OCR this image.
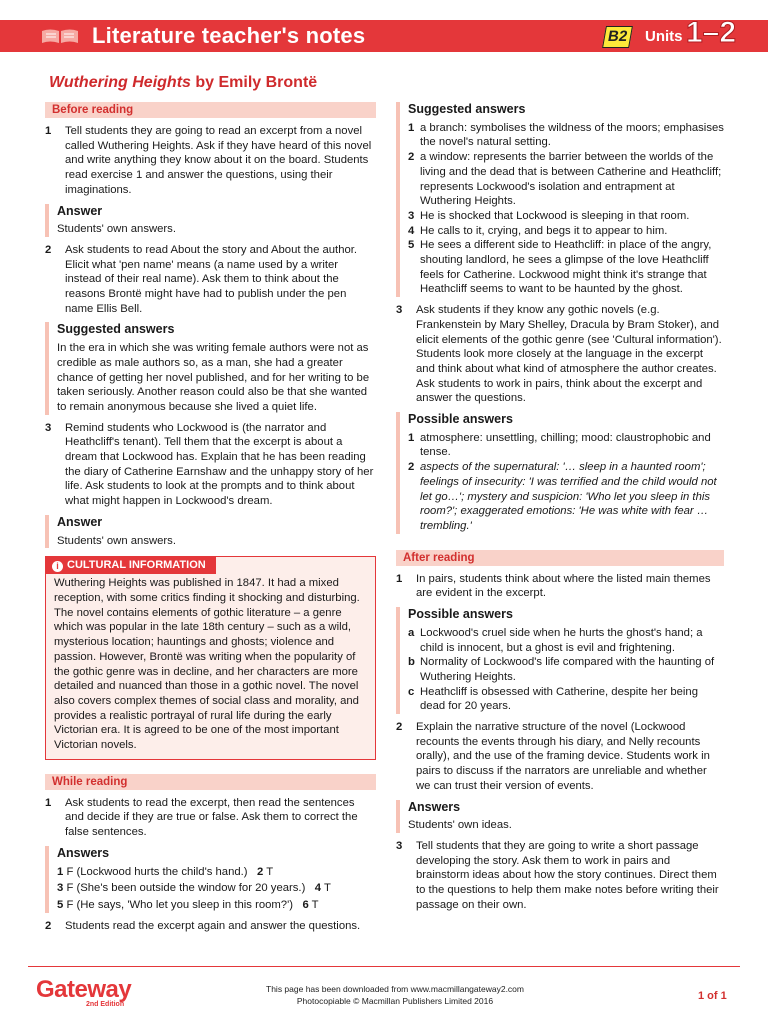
Literature teacher's notes	B2 Units 1–2
Wuthering Heights by Emily Brontë
Before reading
1 Tell students they are going to read an excerpt from a novel called Wuthering Heights. Ask if they have heard of this novel and write anything they know about it on the board. Students read exercise 1 and answer the questions, using their imaginations.
Answer
Students' own answers.
2 Ask students to read About the story and About the author. Elicit what 'pen name' means (a name used by a writer instead of their real name). Ask them to think about the reasons Brontë might have had to publish under the pen name Ellis Bell.
Suggested answers
In the era in which she was writing female authors were not as credible as male authors so, as a man, she had a greater chance of getting her novel published, and for her writing to be taken seriously. Another reason could also be that she wanted to remain anonymous because she lived a quiet life.
3 Remind students who Lockwood is (the narrator and Heathcliff's tenant). Tell them that the excerpt is about a dream that Lockwood has. Explain that he has been reading the diary of Catherine Earnshaw and the unhappy story of her life. Ask students to look at the prompts and to think about what might happen in Lockwood's dream.
Answer
Students' own answers.
i CULTURAL INFORMATION
Wuthering Heights was published in 1847. It had a mixed reception, with some critics finding it shocking and disturbing. The novel contains elements of gothic literature – a genre which was popular in the late 18th century – such as a wild, mysterious location; hauntings and ghosts; violence and passion. However, Brontë was writing when the popularity of the gothic genre was in decline, and her characters are more detailed and nuanced than those in a gothic novel. The novel also covers complex themes of social class and morality, and provides a realistic portrayal of rural life during the early Victorian era. It is agreed to be one of the most important Victorian novels.
While reading
1 Ask students to read the excerpt, then read the sentences and decide if they are true or false. Ask them to correct the false sentences.
Answers
1 F (Lockwood hurts the child's hand.) 2 T
3 F (She's been outside the window for 20 years.) 4 T
5 F (He says, 'Who let you sleep in this room?') 6 T
2 Students read the excerpt again and answer the questions.
Suggested answers
1 a branch: symbolises the wildness of the moors; emphasises the novel's natural setting.
2 a window: represents the barrier between the worlds of the living and the dead that is between Catherine and Heathcliff; represents Lockwood's isolation and entrapment at Wuthering Heights.
3 He is shocked that Lockwood is sleeping in that room.
4 He calls to it, crying, and begs it to appear to him.
5 He sees a different side to Heathcliff: in place of the angry, shouting landlord, he sees a glimpse of the love Heathcliff feels for Catherine. Lockwood might think it's strange that Heathcliff seems to want to be haunted by the ghost.
3 Ask students if they know any gothic novels (e.g. Frankenstein by Mary Shelley, Dracula by Bram Stoker), and elicit elements of the gothic genre (see 'Cultural information'). Students look more closely at the language in the excerpt and think about what kind of atmosphere the author creates. Ask students to work in pairs, think about the excerpt and answer the questions.
Possible answers
1 atmosphere: unsettling, chilling; mood: claustrophobic and tense.
2 aspects of the supernatural: '… sleep in a haunted room'; feelings of insecurity: 'I was terrified and the child would not let go…'; mystery and suspicion: 'Who let you sleep in this room?'; exaggerated emotions: 'He was white with fear … trembling.'
After reading
1 In pairs, students think about where the listed main themes are evident in the excerpt.
Possible answers
a Lockwood's cruel side when he hurts the ghost's hand; a child is innocent, but a ghost is evil and frightening.
b Normality of Lockwood's life compared with the haunting of Wuthering Heights.
c Heathcliff is obsessed with Catherine, despite her being dead for 20 years.
2 Explain the narrative structure of the novel (Lockwood recounts the events through his diary, and Nelly recounts orally), and the use of the framing device. Students work in pairs to discuss if the narrators are unreliable and whether we can trust their version of events.
Answers
Students' own ideas.
3 Tell students that they are going to write a short passage developing the story. Ask them to work in pairs and brainstorm ideas about how the story continues. Direct them to the questions to help them make notes before writing their passage on their own.
Gateway
2nd Edition
This page has been downloaded from www.macmillangateway2.com
Photocopiable © Macmillan Publishers Limited 2016	1 of 1
